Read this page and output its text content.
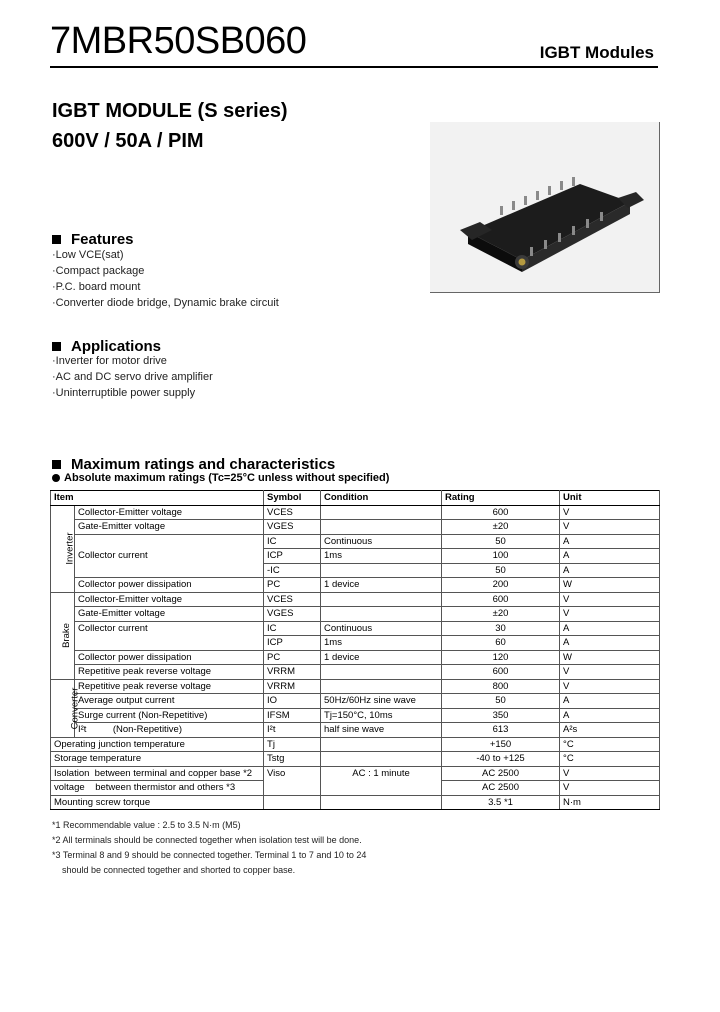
7MBR50SB060	IGBT Modules
IGBT MODULE (S series)
600V / 50A / PIM
Features
· Low VCE(sat)
· Compact package
· P.C. board mount
· Converter diode bridge, Dynamic brake circuit
Applications
· Inverter for motor drive
· AC and DC servo drive amplifier
· Uninterruptible power supply
Maximum ratings and characteristics
Absolute maximum ratings (Tc=25°C unless without specified)
Item		Symbol	Condition	Rating	Unit
Inverter	Collector-Emitter voltage	VCES		600	V
	Gate-Emitter voltage	VGES		±20	V
	Collector current	IC	Continuous	50	A
		ICP	1ms	100	A
		-IC		50	A
	Collector power dissipation	PC	1 device	200	W
Brake	Collector-Emitter voltage	VCES		600	V
	Gate-Emitter voltage	VGES		±20	V
	Collector current	IC	Continuous	30	A
		ICP	1ms	60	A
	Collector power dissipation	PC	1 device	120	W
	Repetitive peak reverse voltage	VRRM		600	V
Converter	Repetitive peak reverse voltage	VRRM		800	V
	Average output current	IO	50Hz/60Hz sine wave	50	A
	Surge current (Non-Repetitive)	IFSM	Tj=150°C, 10ms	350	A
	I²t          (Non-Repetitive)	I²t	half sine wave	613	A²s
Operating junction temperature		Tj		+150	°C
Storage temperature		Tstg		-40 to +125	°C
Isolation  between terminal and copper base *2		Viso	AC : 1 minute	AC 2500	V
voltage    between thermistor and others *3				AC 2500	V
Mounting screw torque				3.5 *1	N·m
*1 Recommendable value : 2.5 to 3.5 N·m (M5)
*2 All terminals should be connected together when isolation test will be done.
*3 Terminal 8 and 9 should be connected together. Terminal 1 to 7 and 10 to 24
should be connected together and shorted to copper base.
